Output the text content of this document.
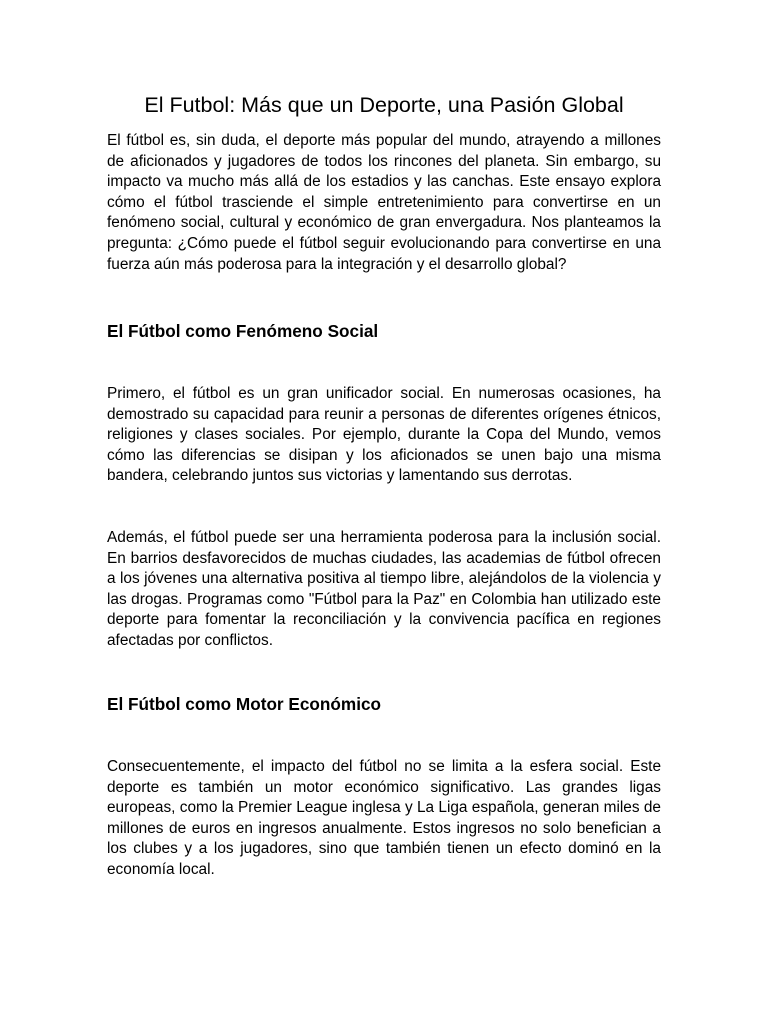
El Futbol: Más que un Deporte, una Pasión Global

El fútbol es, sin duda, el deporte más popular del mundo, atrayendo a millones de aficionados y jugadores de todos los rincones del planeta. Sin embargo, su impacto va mucho más allá de los estadios y las canchas. Este ensayo explora cómo el fútbol trasciende el simple entretenimiento para convertirse en un fenómeno social, cultural y económico de gran envergadura. Nos planteamos la pregunta: ¿Cómo puede el fútbol seguir evolucionando para convertirse en una fuerza aún más poderosa para la integración y el desarrollo global?

El Fútbol como Fenómeno Social

Primero, el fútbol es un gran unificador social. En numerosas ocasiones, ha demostrado su capacidad para reunir a personas de diferentes orígenes étnicos, religiones y clases sociales. Por ejemplo, durante la Copa del Mundo, vemos cómo las diferencias se disipan y los aficionados se unen bajo una misma bandera, celebrando juntos sus victorias y lamentando sus derrotas.

Además, el fútbol puede ser una herramienta poderosa para la inclusión social. En barrios desfavorecidos de muchas ciudades, las academias de fútbol ofrecen a los jóvenes una alternativa positiva al tiempo libre, alejándolos de la violencia y las drogas. Programas como "Fútbol para la Paz" en Colombia han utilizado este deporte para fomentar la reconciliación y la convivencia pacífica en regiones afectadas por conflictos.

El Fútbol como Motor Económico

Consecuentemente, el impacto del fútbol no se limita a la esfera social. Este deporte es también un motor económico significativo. Las grandes ligas europeas, como la Premier League inglesa y La Liga española, generan miles de millones de euros en ingresos anualmente. Estos ingresos no solo benefician a los clubes y a los jugadores, sino que también tienen un efecto dominó en la economía local.
